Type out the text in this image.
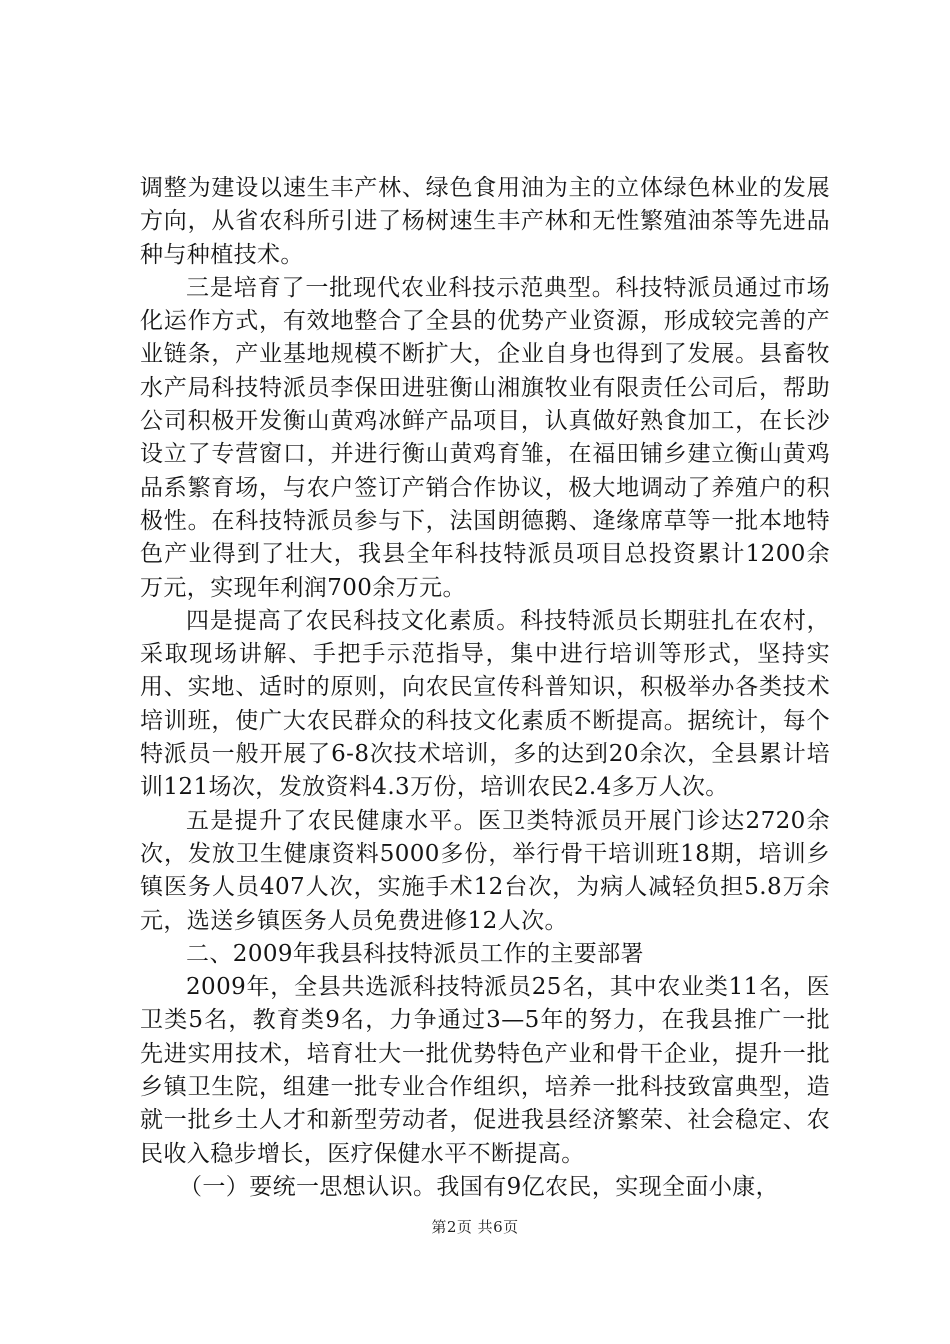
调整为建设以速生丰产林、绿色食用油为主的立体绿色林业的发展方向，从省农科所引进了杨树速生丰产林和无性繁殖油茶等先进品种与种植技术。

三是培育了一批现代农业科技示范典型。科技特派员通过市场化运作方式，有效地整合了全县的优势产业资源，形成较完善的产业链条，产业基地规模不断扩大，企业自身也得到了发展。县畜牧水产局科技特派员李保田进驻衡山湘旗牧业有限责任公司后，帮助公司积极开发衡山黄鸡冰鲜产品项目，认真做好熟食加工，在长沙设立了专营窗口，并进行衡山黄鸡育雏，在福田铺乡建立衡山黄鸡品系繁育场，与农户签订产销合作协议，极大地调动了养殖户的积极性。在科技特派员参与下，法国朗德鹅、逄缘席草等一批本地特色产业得到了壮大，我县全年科技特派员项目总投资累计1200余万元，实现年利润700余万元。

四是提高了农民科技文化素质。科技特派员长期驻扎在农村，采取现场讲解、手把手示范指导，集中进行培训等形式，坚持实用、实地、适时的原则，向农民宣传科普知识，积极举办各类技术培训班，使广大农民群众的科技文化素质不断提高。据统计，每个特派员一般开展了6-8次技术培训，多的达到20余次，全县累计培训121场次，发放资料4.3万份，培训农民2.4多万人次。

五是提升了农民健康水平。医卫类特派员开展门诊达2720余次，发放卫生健康资料5000多份，举行骨干培训班18期，培训乡镇医务人员407人次，实施手术12台次，为病人减轻负担5.8万余元，选送乡镇医务人员免费进修12人次。

二、2009年我县科技特派员工作的主要部署

2009年，全县共选派科技特派员25名，其中农业类11名，医卫类5名，教育类9名，力争通过3—5年的努力，在我县推广一批先进实用技术，培育壮大一批优势特色产业和骨干企业，提升一批乡镇卫生院，组建一批专业合作组织，培养一批科技致富典型，造就一批乡土人才和新型劳动者，促进我县经济繁荣、社会稳定、农民收入稳步增长，医疗保健水平不断提高。

（一）要统一思想认识。我国有9亿农民，实现全面小康，

第2页 共6页
